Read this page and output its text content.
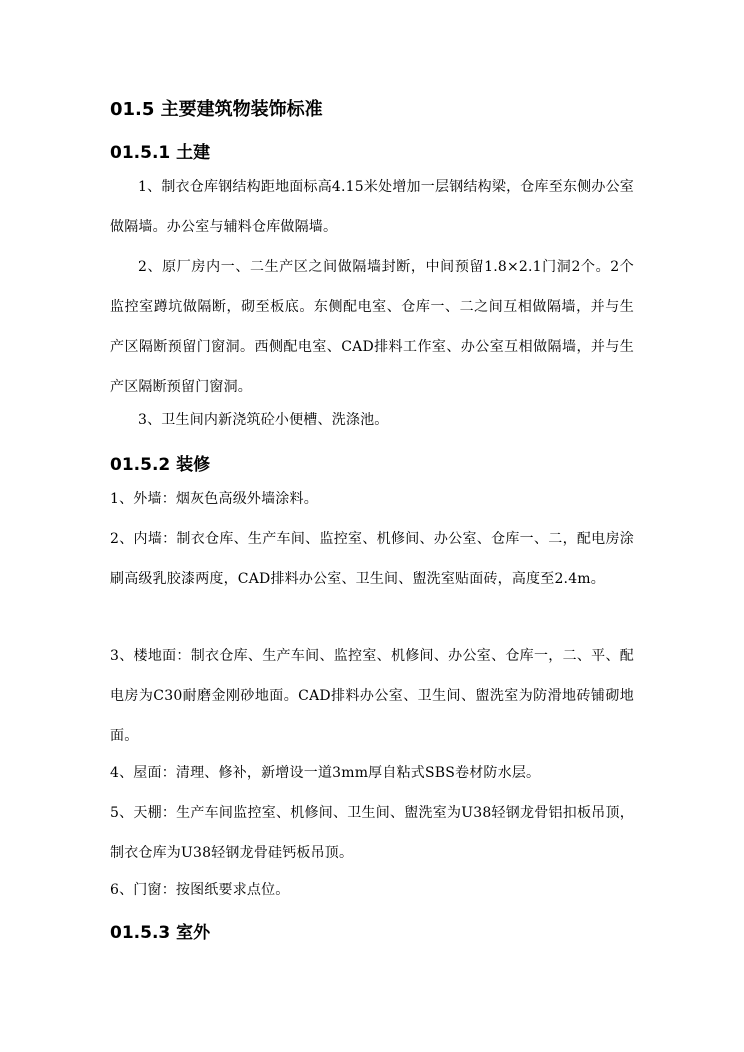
01.5 主要建筑物装饰标准
01.5.1 土建
1、制衣仓库钢结构距地面标高4.15米处增加一层钢结构梁，仓库至东侧办公室做隔墙。办公室与辅料仓库做隔墙。
2、原厂房内一、二生产区之间做隔墙封断，中间预留1.8×2.1门洞2个。2个监控室蹲坑做隔断，砌至板底。东侧配电室、仓库一、二之间互相做隔墙，并与生产区隔断预留门窗洞。西侧配电室、CAD排料工作室、办公室互相做隔墙，并与生产区隔断预留门窗洞。
3、卫生间内新浇筑砼小便槽、洗涤池。
01.5.2 装修
1、外墙：烟灰色高级外墙涂料。
2、内墙：制衣仓库、生产车间、监控室、机修间、办公室、仓库一、二，配电房涂刷高级乳胶漆两度，CAD排料办公室、卫生间、盥洗室贴面砖，高度至2.4m。
3、楼地面：制衣仓库、生产车间、监控室、机修间、办公室、仓库一，二、平、配电房为C30耐磨金刚砂地面。CAD排料办公室、卫生间、盥洗室为防滑地砖铺砌地面。
4、屋面：清理、修补，新增设一道3mm厚自粘式SBS卷材防水层。
5、天棚：生产车间监控室、机修间、卫生间、盥洗室为U38轻钢龙骨铝扣板吊顶，制衣仓库为U38轻钢龙骨硅钙板吊顶。
6、门窗：按图纸要求点位。
01.5.3 室外
